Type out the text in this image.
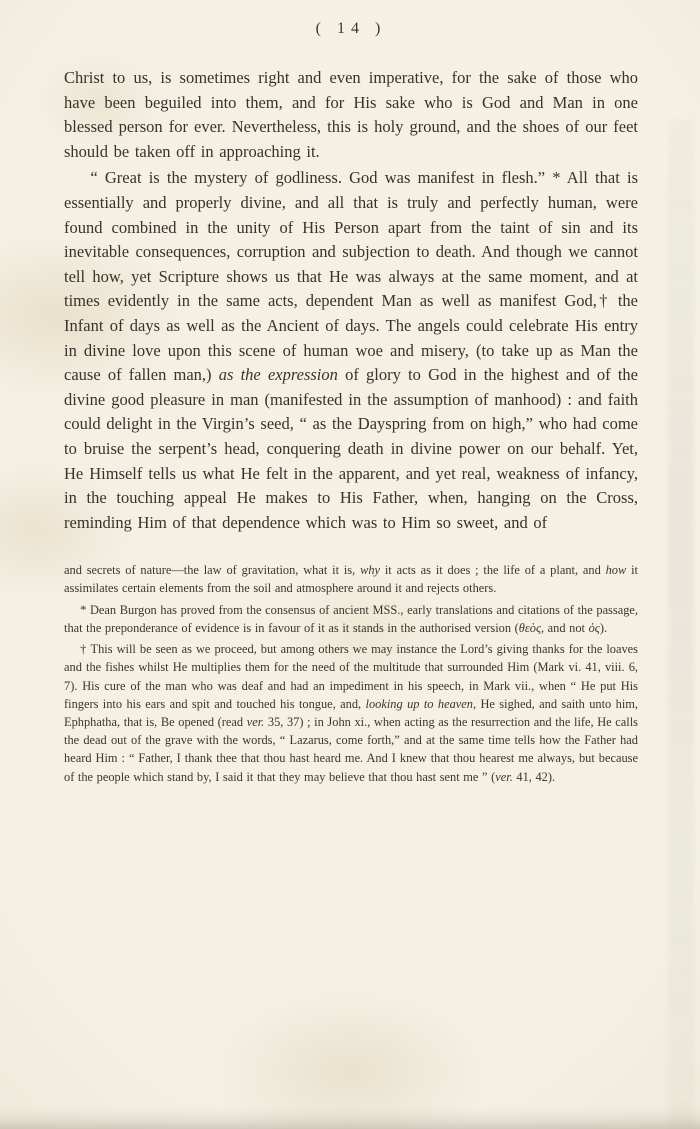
( 14 )

Christ to us, is sometimes right and even imperative, for the sake of those who have been beguiled into them, and for His sake who is God and Man in one blessed person for ever. Nevertheless, this is holy ground, and the shoes of our feet should be taken off in approaching it.

“ Great is the mystery of godliness. God was manifest in flesh.” * All that is essentially and properly divine, and all that is truly and perfectly human, were found combined in the unity of His Person apart from the taint of sin and its inevitable consequences, corruption and subjection to death. And though we cannot tell how, yet Scripture shows us that He was always at the same moment, and at times evidently in the same acts, dependent Man as well as manifest God,† the Infant of days as well as the Ancient of days. The angels could celebrate His entry in divine love upon this scene of human woe and misery, (to take up as Man the cause of fallen man,) as the expression of glory to God in the highest and of the divine good pleasure in man (manifested in the assumption of manhood) : and faith could delight in the Virgin’s seed, “ as the Dayspring from on high,” who had come to bruise the serpent’s head, conquering death in divine power on our behalf. Yet, He Himself tells us what He felt in the apparent, and yet real, weakness of infancy, in the touching appeal He makes to His Father, when, hanging on the Cross, reminding Him of that dependence which was to Him so sweet, and of

and secrets of nature—the law of gravitation, what it is, why it acts as it does ; the life of a plant, and how it assimilates certain elements from the soil and atmosphere around it and rejects others.

* Dean Burgon has proved from the consensus of ancient MSS., early translations and citations of the passage, that the preponderance of evidence is in favour of it as it stands in the authorised version (θεὸς, and not ὁς).

† This will be seen as we proceed, but among others we may instance the Lord’s giving thanks for the loaves and the fishes whilst He multiplies them for the need of the multitude that surrounded Him (Mark vi. 41, viii. 6, 7). His cure of the man who was deaf and had an impediment in his speech, in Mark vii., when “ He put His fingers into his ears and spit and touched his tongue, and, looking up to heaven, He sighed, and saith unto him, Ephphatha, that is, Be opened (read ver. 35, 37) ; in John xi., when acting as the resurrection and the life, He calls the dead out of the grave with the words, “ Lazarus, come forth,” and at the same time tells how the Father had heard Him : “ Father, I thank thee that thou hast heard me. And I knew that thou hearest me always, but because of the people which stand by, I said it that they may believe that thou hast sent me ” (ver. 41, 42).
